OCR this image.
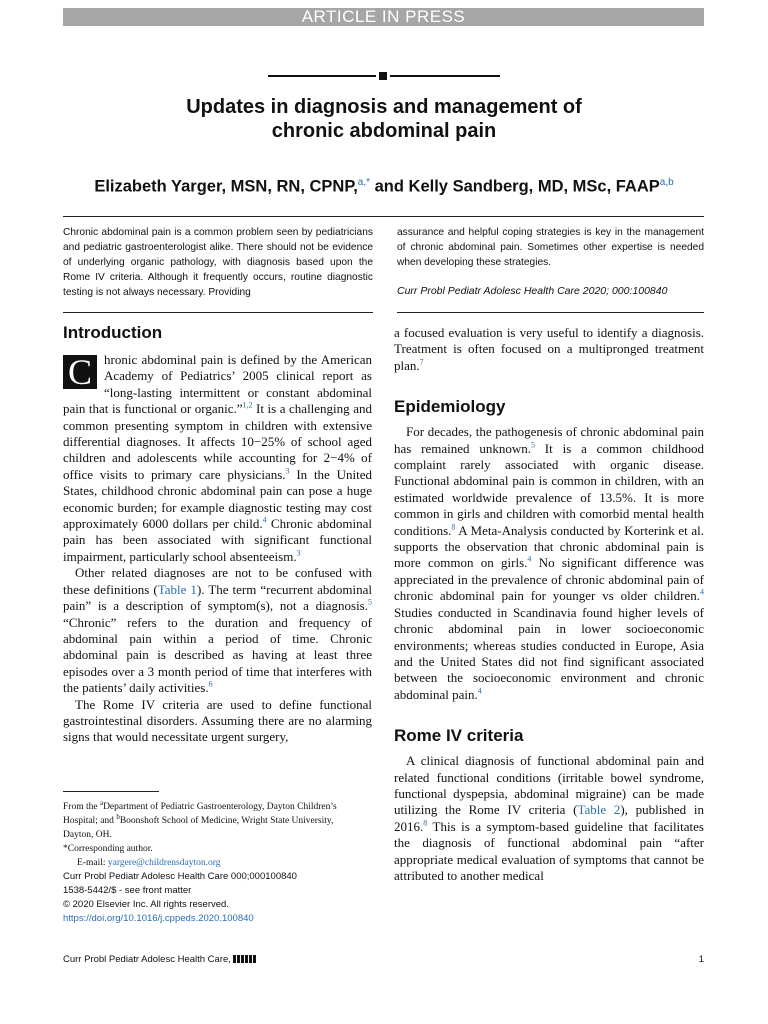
ARTICLE IN PRESS
Updates in diagnosis and management of chronic abdominal pain
Elizabeth Yarger, MSN, RN, CPNP,$^{a,*}$ and Kelly Sandberg, MD, MSc, FAAP$^{a,b}$

Chronic abdominal pain is a common problem seen by pediatricians and pediatric gastroenterologist alike. There should not be evidence of underlying organic pathology, with diagnosis based upon the Rome IV criteria. Although it frequently occurs, routine diagnostic testing is not always necessary. Providing

assurance and helpful coping strategies is key in the management of chronic abdominal pain. Sometimes other expertise is needed when developing these strategies.

Curr Probl Pediatr Adolesc Health Care 2020; 000:100840
Introduction

C hronic abdominal pain is defined by the American Academy of Pediatrics’ 2005 clinical report as “long-lasting intermittent or constant abdominal pain that is functional or organic.”$^{1,2}$ It is a challenging and common presenting symptom in children with extensive differential diagnoses. It affects 10−25% of school aged children and adolescents while accounting for 2−4% of office visits to primary care physicians.$^3$ In the United States, childhood chronic abdominal pain can pose a huge economic burden; for example diagnostic testing may cost approximately 6000 dollars per child.$^4$ Chronic abdominal pain has been associated with significant functional impairment, particularly school absenteeism.$^3$

Other related diagnoses are not to be confused with these definitions (Table 1). The term “recurrent abdominal pain” is a description of symptom(s), not a diagnosis.$^5$ “Chronic” refers to the duration and frequency of abdominal pain within a period of time. Chronic abdominal pain is described as having at least three episodes over a 3 month period of time that interferes with the patients’ daily activities.$^6$

The Rome IV criteria are used to define functional gastrointestinal disorders. Assuming there are no alarming signs that would necessitate urgent surgery,

From the $^a$Department of Pediatric Gastroenterology, Dayton Children’s
Hospital; and $^b$Boonshoft School of Medicine, Wright State University,
Dayton, OH.
*Corresponding author.
E-mail: yargere@childrensdayton.org
Curr Probl Pediatr Adolesc Health Care 000;000100840
1538-5442/$ - see front matter
© 2020 Elsevier Inc. All rights reserved.
https://doi.org/10.1016/j.cppeds.2020.100840

a focused evaluation is very useful to identify a diagnosis. Treatment is often focused on a multipronged treatment plan.$^7$

Epidemiology

For decades, the pathogenesis of chronic abdominal pain has remained unknown.$^5$ It is a common childhood complaint rarely associated with organic disease. Functional abdominal pain is common in children, with an estimated worldwide prevalence of 13.5%. It is more common in girls and children with comorbid mental health conditions.$^8$ A Meta-Analysis conducted by Korterink et al. supports the observation that chronic abdominal pain is more common on girls.$^4$ No significant difference was appreciated in the prevalence of chronic abdominal pain of chronic abdominal pain for younger vs older children.$^4$ Studies conducted in Scandinavia found higher levels of chronic abdominal pain in lower socioeconomic environments; whereas studies conducted in Europe, Asia and the United States did not find significant associated between the socioeconomic environment and chronic abdominal pain.$^4$

Rome IV criteria

A clinical diagnosis of functional abdominal pain and related functional conditions (irritable bowel syndrome, functional dyspepsia, abdominal migraine) can be made utilizing the Rome IV criteria (Table 2), published in 2016.$^8$ This is a symptom-based guideline that facilitates the diagnosis of functional abdominal pain “after appropriate medical evaluation of symptoms that cannot be attributed to another medical

Curr Probl Pediatr Adolesc Health Care,	1
